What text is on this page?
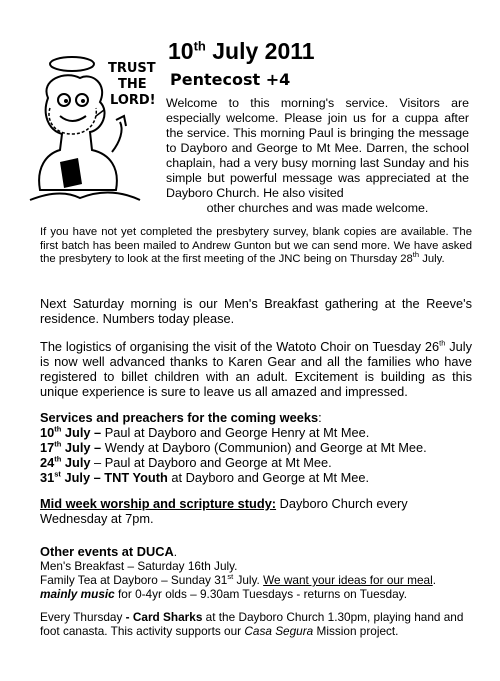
TRUST
THE
LORD!
10th July 2011
Pentecost +4
Welcome to this morning's service. Visitors are especially welcome. Please join us for a cuppa after the service. This morning Paul is bringing the message to Dayboro and George to Mt Mee. Darren, the school chaplain, had a very busy morning last Sunday and his simple but powerful message was appreciated at the Dayboro Church. He also visited
other churches and was made welcome.
If you have not yet completed the presbytery survey, blank copies are available. The first batch has been mailed to Andrew Gunton but we can send more. We have asked the presbytery to look at the first meeting of the JNC being on Thursday 28th July.
Next Saturday morning is our Men's Breakfast gathering at the Reeve's residence. Numbers today please.
The logistics of organising the visit of the Watoto Choir on Tuesday 26th July is now well advanced thanks to Karen Gear and all the families who have registered to billet children with an adult. Excitement is building as this unique experience is sure to leave us all amazed and impressed.
Services and preachers for the coming weeks:
10th July – Paul at Dayboro and George Henry at Mt Mee.
17th July – Wendy at Dayboro (Communion) and George at Mt Mee.
24th July – Paul at Dayboro and George at Mt Mee.
31st July – TNT Youth at Dayboro and George at Mt Mee.
Mid week worship and scripture study: Dayboro Church every Wednesday at 7pm.
Other events at DUCA.
Men's Breakfast – Saturday 16th July.
Family Tea at Dayboro – Sunday 31st July. We want your ideas for our meal.
mainly music for 0-4yr olds – 9.30am Tuesdays - returns on Tuesday.
Every Thursday - Card Sharks at the Dayboro Church 1.30pm, playing hand and foot canasta. This activity supports our Casa Segura Mission project.
